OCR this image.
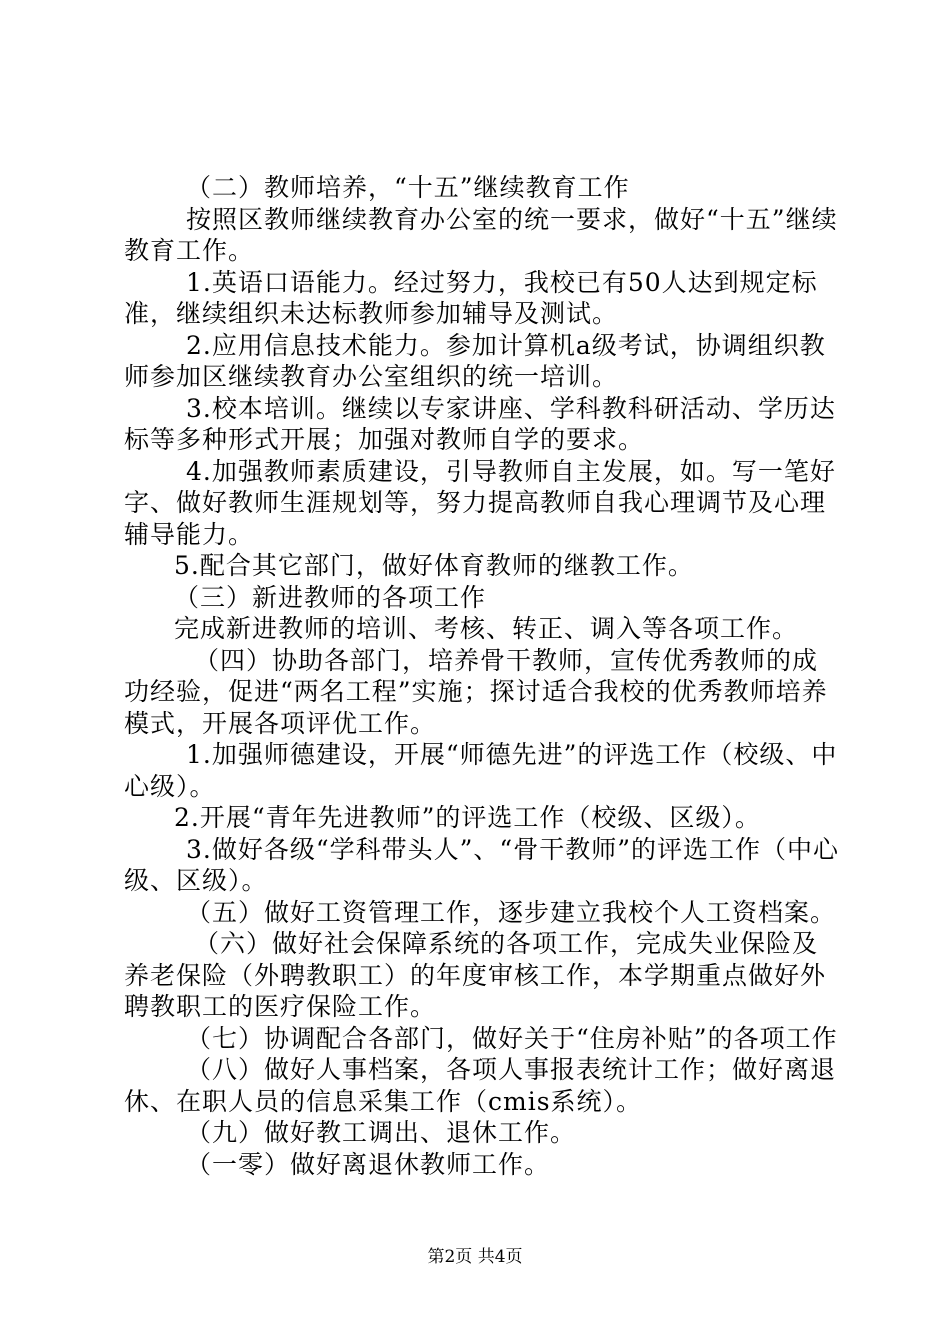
（二）教师培养，“十五”继续教育工作

按照区教师继续教育办公室的统一要求，做好“十五”继续教育工作。

1.英语口语能力。经过努力，我校已有50人达到规定标准，继续组织未达标教师参加辅导及测试。

2.应用信息技术能力。参加计算机a级考试，协调组织教师参加区继续教育办公室组织的统一培训。

3.校本培训。继续以专家讲座、学科教科研活动、学历达标等多种形式开展；加强对教师自学的要求。

4.加强教师素质建设，引导教师自主发展，如。写一笔好字、做好教师生涯规划等，努力提高教师自我心理调节及心理辅导能力。

5.配合其它部门，做好体育教师的继教工作。

（三）新进教师的各项工作

完成新进教师的培训、考核、转正、调入等各项工作。

（四）协助各部门，培养骨干教师，宣传优秀教师的成功经验，促进“两名工程”实施；探讨适合我校的优秀教师培养模式，开展各项评优工作。

1.加强师德建设，开展“师德先进”的评选工作（校级、中心级）。

2.开展“青年先进教师”的评选工作（校级、区级）。

3.做好各级“学科带头人”、“骨干教师”的评选工作（中心级、区级）。

（五）做好工资管理工作，逐步建立我校个人工资档案。

（六）做好社会保障系统的各项工作，完成失业保险及养老保险（外聘教职工）的年度审核工作，本学期重点做好外聘教职工的医疗保险工作。

（七）协调配合各部门，做好关于“住房补贴”的各项工作

（八）做好人事档案，各项人事报表统计工作；做好离退休、在职人员的信息采集工作（cmis系统）。

（九）做好教工调出、退休工作。

（一零）做好离退休教师工作。

第2页 共4页
